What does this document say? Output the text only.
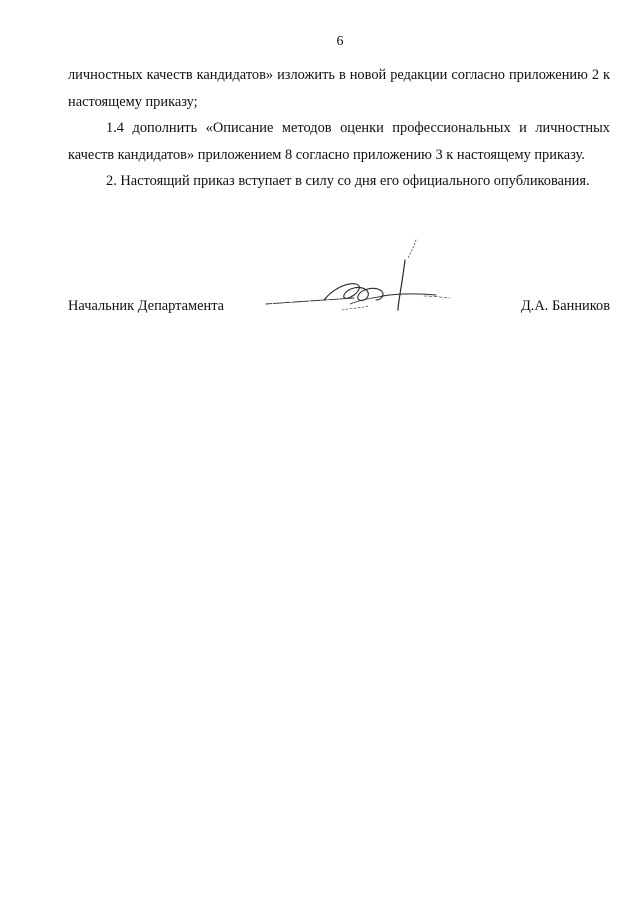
6

личностных качеств кандидатов» изложить в новой редакции согласно приложению 2 к настоящему приказу;

1.4 дополнить «Описание методов оценки профессиональных и личностных качеств кандидатов» приложением 8 согласно приложению 3 к настоящему приказу.

2. Настоящий приказ вступает в силу со дня его официального опубликования.

Начальник Департамента	Д.А. Банников
